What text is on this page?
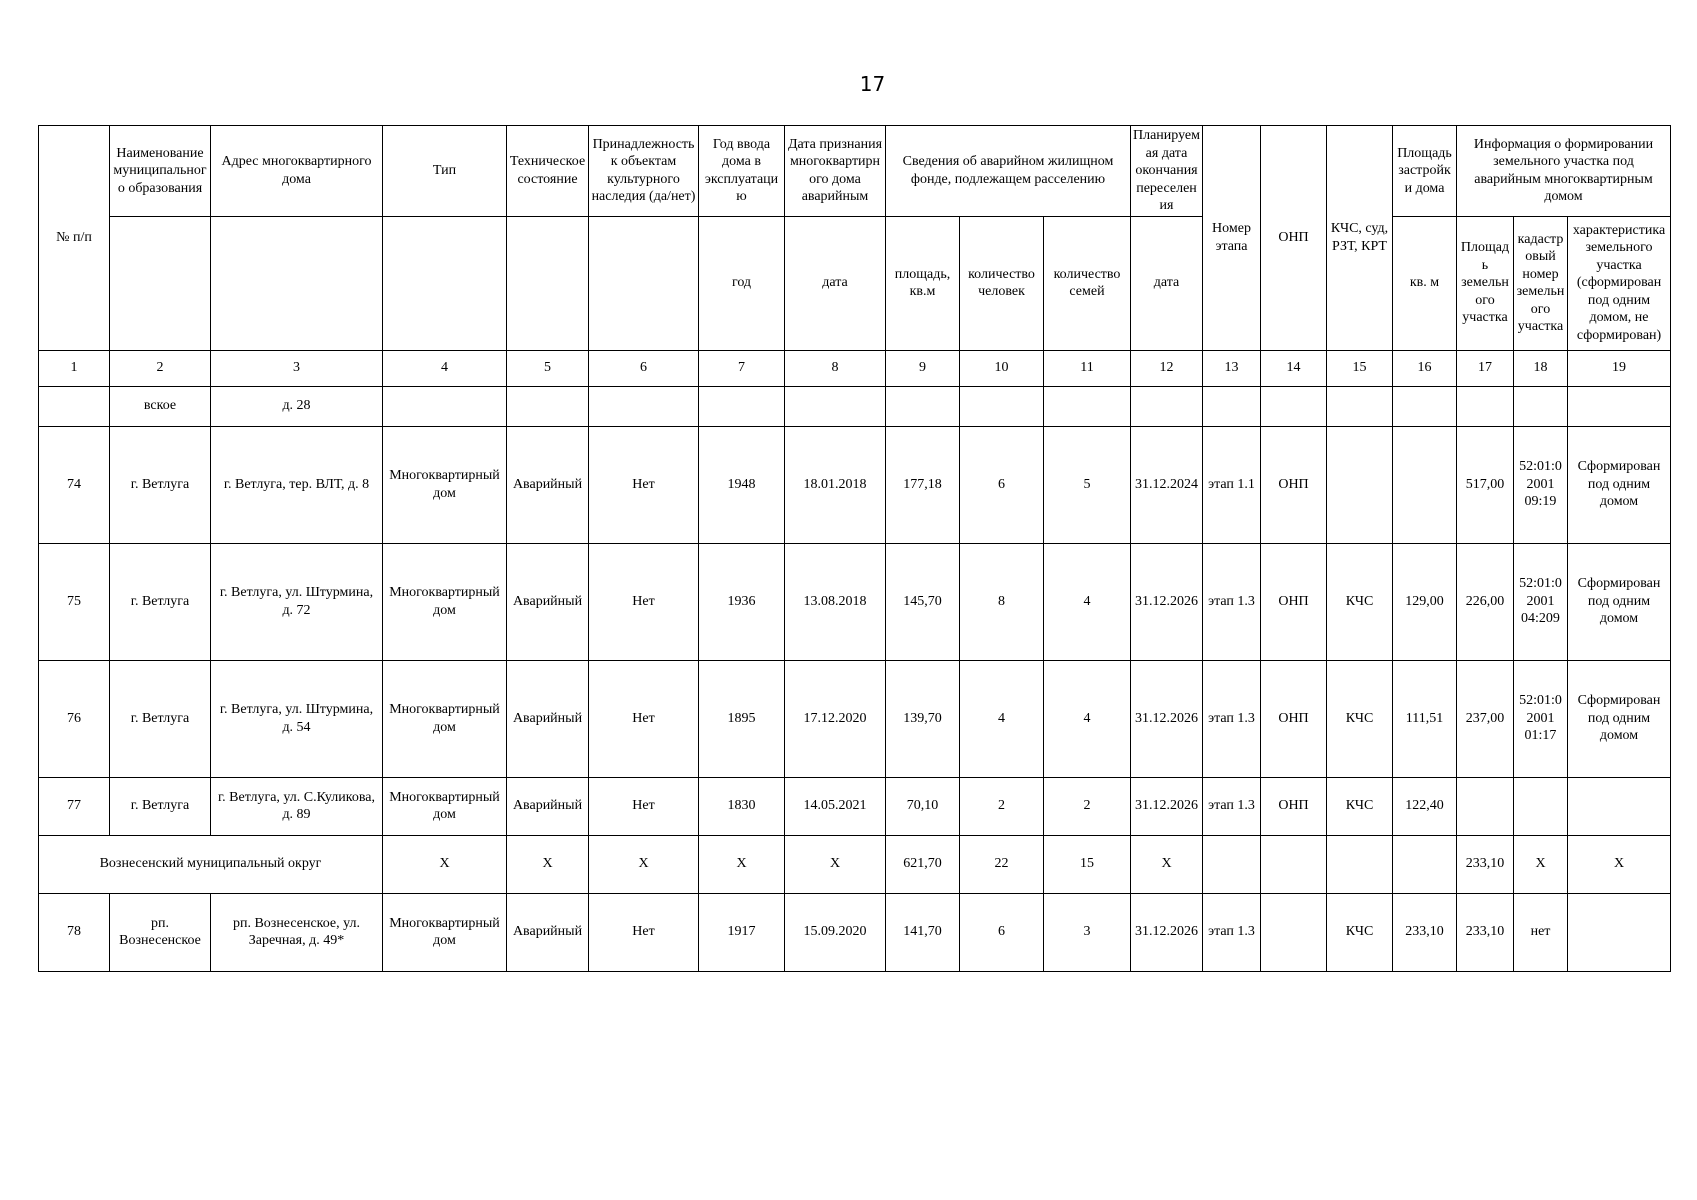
17
№ п/п	Наименование муниципального образования	Адрес многоквартирного дома	Тип	Техническое состояние	Принадлежность к объектам культурного наследия (да/нет)	Год ввода дома в эксплуатацию	Дата признания многоквартирного дома аварийным	Сведения об аварийном жилищном фонде, подлежащем расселению			Планируемая дата окончания переселения	Номер этапа	ОНП	КЧС, суд, РЗТ, КРТ	Площадь застройки дома	Информация о формировании земельного участка под аварийным многоквартирным домом		
						год	дата	площадь, кв.м	количество человек	количество семей	дата				кв. м	Площадь земельного участка	кадастровый номер земельного участка	характеристика земельного участка (сформирован под одним домом, не сформирован)
1	2	3	4	5	6	7	8	9	10	11	12	13	14	15	16	17	18	19
	вское	д. 28																
74	г. Ветлуга	г. Ветлуга, тер. ВЛТ, д. 8	Многоквартирный дом	Аварийный	Нет	1948	18.01.2018	177,18	6	5	31.12.2024	этап 1.1	ОНП			517,00	52:01:02001 09:19	Сформирован под одним домом
75	г. Ветлуга	г. Ветлуга, ул. Штурмина, д. 72	Многоквартирный дом	Аварийный	Нет	1936	13.08.2018	145,70	8	4	31.12.2026	этап 1.3	ОНП	КЧС	129,00	226,00	52:01:02001 04:209	Сформирован под одним домом
76	г. Ветлуга	г. Ветлуга, ул. Штурмина, д. 54	Многоквартирный дом	Аварийный	Нет	1895	17.12.2020	139,70	4	4	31.12.2026	этап 1.3	ОНП	КЧС	111,51	237,00	52:01:02001 01:17	Сформирован под одним домом
77	г. Ветлуга	г. Ветлуга, ул. С.Куликова, д. 89	Многоквартирный дом	Аварийный	Нет	1830	14.05.2021	70,10	2	2	31.12.2026	этап 1.3	ОНП	КЧС	122,40			
Вознесенский муниципальный округ			X	X	X	X	X	621,70	22	15	X					233,10	X	X
78	рп. Вознесенское	рп. Вознесенское, ул. Заречная, д. 49*	Многоквартирный дом	Аварийный	Нет	1917	15.09.2020	141,70	6	3	31.12.2026	этап 1.3		КЧС	233,10	233,10	нет	
